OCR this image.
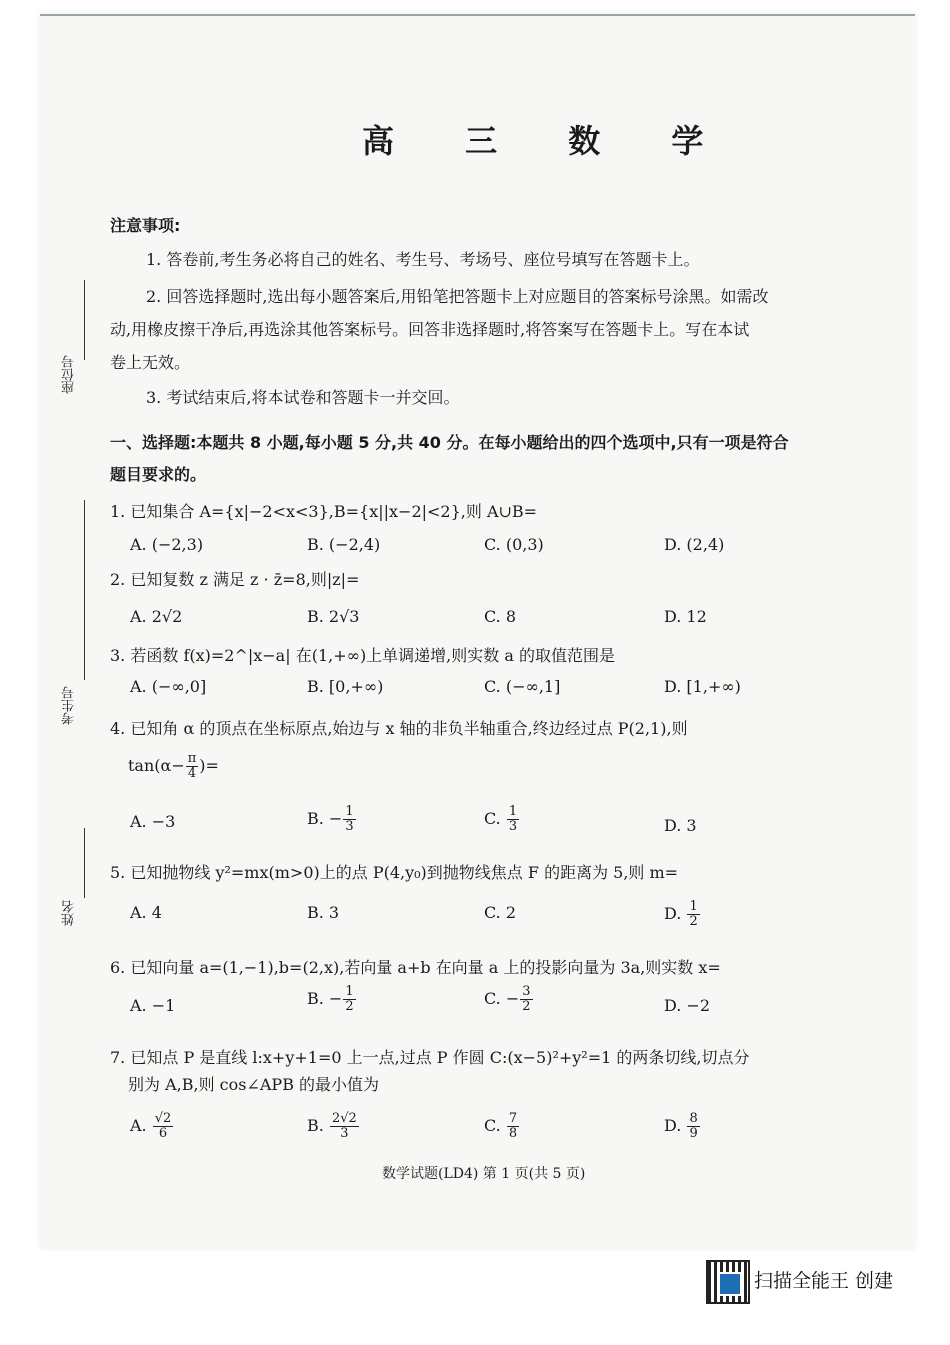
座位号
考生号
姓名
高 三 数 学
注意事项:
1. 答卷前,考生务必将自己的姓名、考生号、考场号、座位号填写在答题卡上。
2. 回答选择题时,选出每小题答案后,用铅笔把答题卡上对应题目的答案标号涂黑。如需改
动,用橡皮擦干净后,再选涂其他答案标号。回答非选择题时,将答案写在答题卡上。写在本试
卷上无效。
3. 考试结束后,将本试卷和答题卡一并交回。
一、选择题:本题共 8 小题,每小题 5 分,共 40 分。在每小题给出的四个选项中,只有一项是符合
题目要求的。
1. 已知集合 A={x|−2<x<3},B={x||x−2|<2},则 A∪B=
A. (−2,3)	B. (−2,4)	C. (0,3)	D. (2,4)
2. 已知复数 z 满足 z · z̄=8,则|z|=
A. 2√2	B. 2√3	C. 8	D. 12
3. 若函数 f(x)=2^|x−a| 在(1,+∞)上单调递增,则实数 a 的取值范围是
A. (−∞,0]	B. [0,+∞)	C. (−∞,1]	D. [1,+∞)
4. 已知角 α 的顶点在坐标原点,始边与 x 轴的非负半轴重合,终边经过点 P(2,1),则
$\tan(\alpha- \frac{\pi}{4}$ )=
A. −3	B. − $\frac{1}{3}$	C. $\frac{1}{3}$	D. 3
5. 已知抛物线 y²=mx(m>0)上的点 P(4,y₀)到抛物线焦点 F 的距离为 5,则 m=
A. 4	B. 3	C. 2	D. $\frac{1}{2}$
6. 已知向量 a=(1,−1),b=(2,x),若向量 a+b 在向量 a 上的投影向量为 3a,则实数 x=
A. −1	B. − $\frac{1}{2}$	C. − $\frac{3}{2}$	D. −2
7. 已知点 P 是直线 l:x+y+1=0 上一点,过点 P 作圆 C:(x−5)²+y²=1 的两条切线,切点分
别为 A,B,则 cos∠APB 的最小值为
A. $\frac{√2}{6}$	B. $\frac{2√2}{3}$	C. $\frac{7}{8}$	D. $\frac{8}{9}$
数学试题(LD4) 第 1 页(共 5 页)
扫描全能王 创建
